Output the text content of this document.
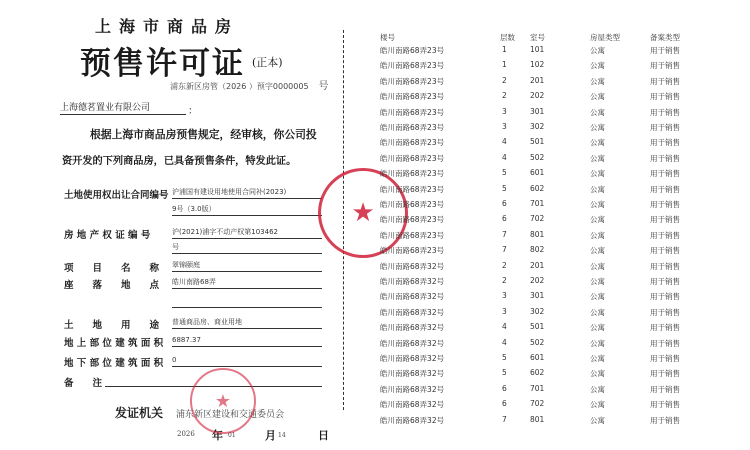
上海市商品房
预售许可证 (正本)
浦东新区房管（2026 ）预字0000005 号
上海德茗置业有限公司	：
根据上海市商品房预售规定，经审核，你公司投
资开发的下列商品房，已具备预售条件，特发此证。
土地使用权出让合同编号 沪浦国有建设用地使用合同补(2023)
9号（3.0版）
房 地 产 权 证 编 号	沪(2021)浦字不动产权第103462
号
项　　目　　名　　称 翠锦颐庭
座　　落　　地　　点 皓川南路68弄
土　　地　　用　　途 普通商品房、商业用地
地 上 部 位 建 筑 面 积 6887.37
地 下 部 位 建 筑 面 积 0
备　　注
发证机关 浦东新区建设和交通委员会
2026 年 01	月 14	日
★
★
楼号	层数 室号	房屋类型	备案类型
皓川南路68弄23号	1	101	公寓	用于销售
皓川南路68弄23号	1	102	公寓	用于销售
皓川南路68弄23号	2	201	公寓	用于销售
皓川南路68弄23号	2	202	公寓	用于销售
皓川南路68弄23号	3	301	公寓	用于销售
皓川南路68弄23号	3	302	公寓	用于销售
皓川南路68弄23号	4	501	公寓	用于销售
皓川南路68弄23号	4	502	公寓	用于销售
皓川南路68弄23号	5	601	公寓	用于销售
皓川南路68弄23号	5	602	公寓	用于销售
皓川南路68弄23号	6	701	公寓	用于销售
皓川南路68弄23号	6	702	公寓	用于销售
皓川南路68弄23号	7	801	公寓	用于销售
皓川南路68弄23号	7	802	公寓	用于销售
皓川南路68弄32号	2	201	公寓	用于销售
皓川南路68弄32号	2	202	公寓	用于销售
皓川南路68弄32号	3	301	公寓	用于销售
皓川南路68弄32号	3	302	公寓	用于销售
皓川南路68弄32号	4	501	公寓	用于销售
皓川南路68弄32号	4	502	公寓	用于销售
皓川南路68弄32号	5	601	公寓	用于销售
皓川南路68弄32号	5	602	公寓	用于销售
皓川南路68弄32号	6	701	公寓	用于销售
皓川南路68弄32号	6	702	公寓	用于销售
皓川南路68弄32号	7	801	公寓	用于销售
